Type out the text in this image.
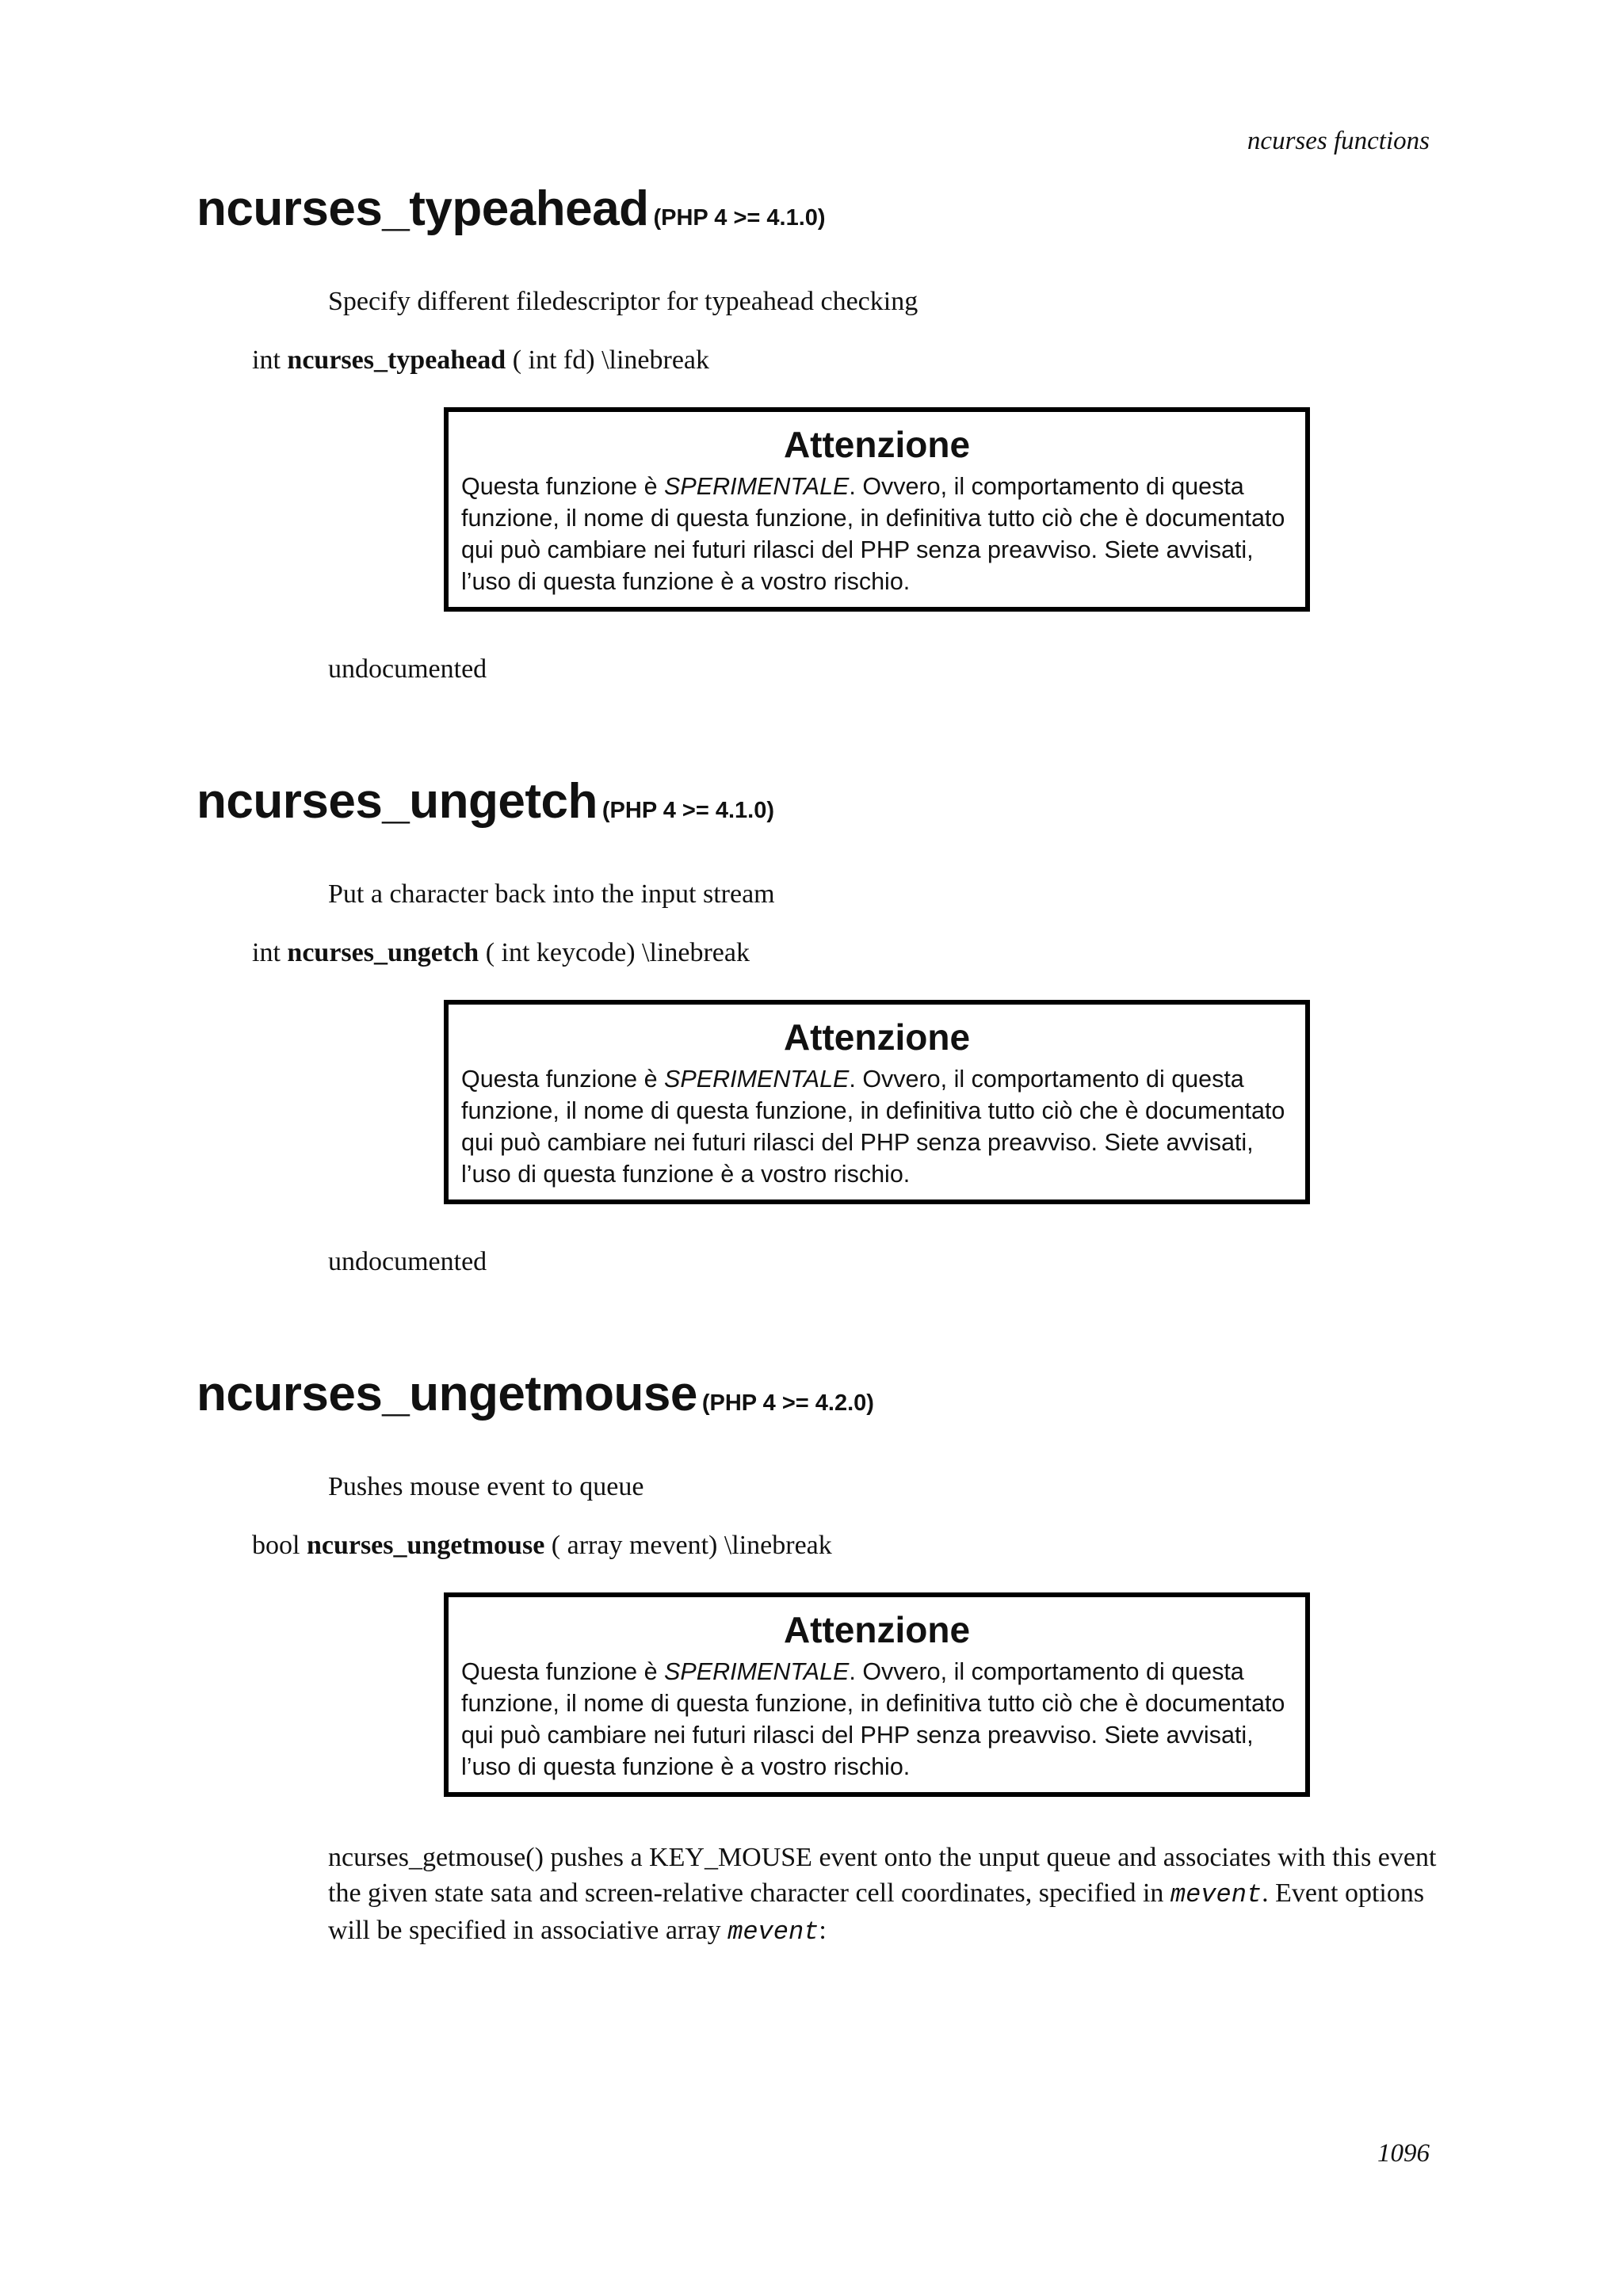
ncurses functions
ncurses_typeahead (PHP 4 >= 4.1.0)

Specify different filedescriptor for typeahead checking

int ncurses_typeahead ( int fd) \linebreak

Attenzione

Questa funzione è SPERIMENTALE. Ovvero, il comportamento di questa funzione, il nome di questa funzione, in definitiva tutto ciò che è documentato qui può cambiare nei futuri rilasci del PHP senza preavviso. Siete avvisati, l’uso di questa funzione è a vostro rischio.

undocumented

ncurses_ungetch (PHP 4 >= 4.1.0)

Put a character back into the input stream

int ncurses_ungetch ( int keycode) \linebreak

Attenzione

Questa funzione è SPERIMENTALE. Ovvero, il comportamento di questa funzione, il nome di questa funzione, in definitiva tutto ciò che è documentato qui può cambiare nei futuri rilasci del PHP senza preavviso. Siete avvisati, l’uso di questa funzione è a vostro rischio.

undocumented

ncurses_ungetmouse (PHP 4 >= 4.2.0)

Pushes mouse event to queue

bool ncurses_ungetmouse ( array mevent) \linebreak

Attenzione

Questa funzione è SPERIMENTALE. Ovvero, il comportamento di questa funzione, il nome di questa funzione, in definitiva tutto ciò che è documentato qui può cambiare nei futuri rilasci del PHP senza preavviso. Siete avvisati, l’uso di questa funzione è a vostro rischio.

ncurses_getmouse() pushes a KEY_MOUSE event onto the unput queue and associates with this event the given state sata and screen-relative character cell coordinates, specified in mevent. Event options will be specified in associative array mevent:

1096
